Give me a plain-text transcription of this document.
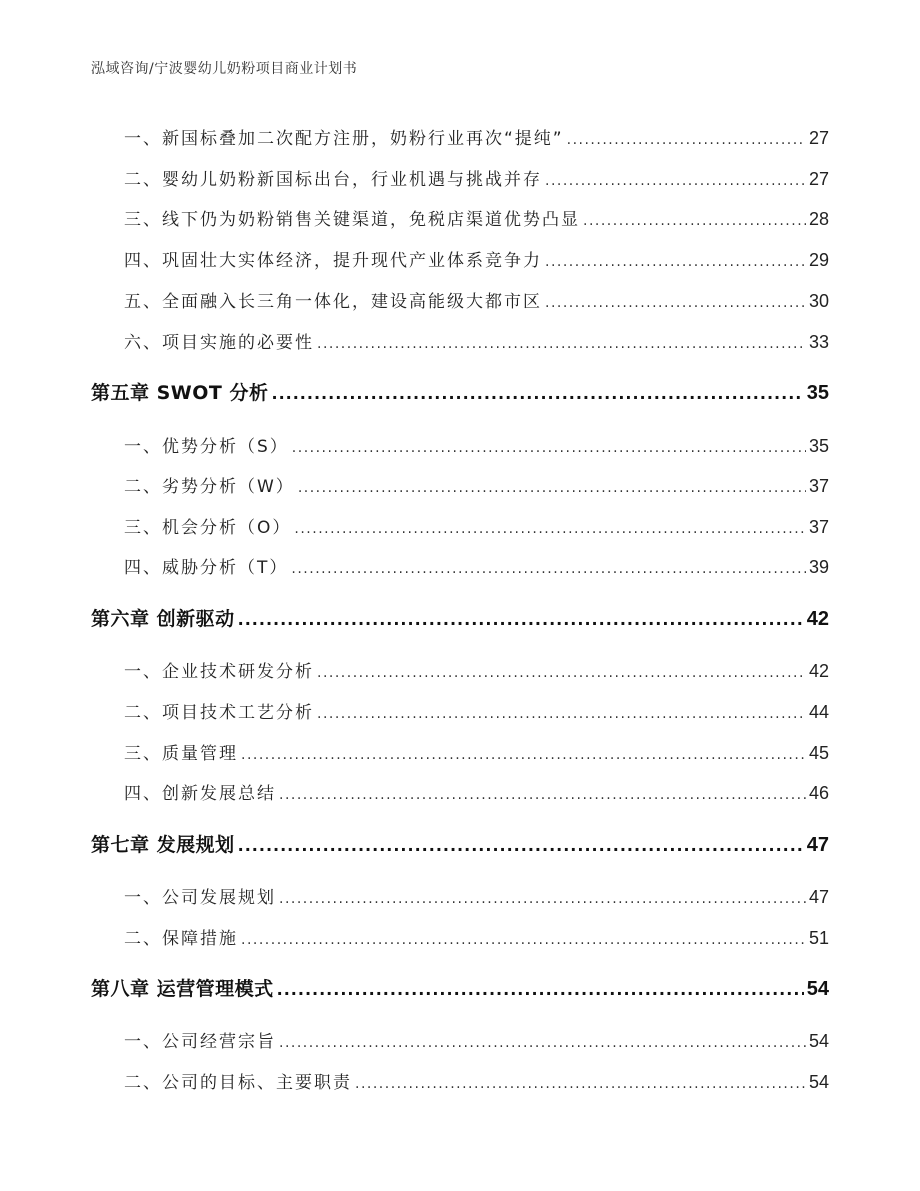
泓域咨询/宁波婴幼儿奶粉项目商业计划书
一、 新国标叠加二次配方注册，奶粉行业再次“提纯” .....	27
二、 婴幼儿奶粉新国标出台，行业机遇与挑战并存 .....	27
三、 线下仍为奶粉销售关键渠道，免税店渠道优势凸显 .....	28
四、 巩固壮大实体经济，提升现代产业体系竞争力 .....	29
五、 全面融入长三角一体化，建设高能级大都市区 .....	30
六、 项目实施的必要性 .....	33
第五章 SWOT 分析 .....	35
一、 优势分析（S） .....	35
二、 劣势分析（W） .....	37
三、 机会分析（O） .....	37
四、 威胁分析（T） .....	39
第六章 创新驱动 .....	42
一、 企业技术研发分析 .....	42
二、 项目技术工艺分析 .....	44
三、 质量管理 .....	45
四、 创新发展总结 .....	46
第七章 发展规划 .....	47
一、 公司发展规划 .....	47
二、 保障措施 .....	51
第八章 运营管理模式 .....	54
一、 公司经营宗旨 .....	54
二、 公司的目标、主要职责 .....	54
